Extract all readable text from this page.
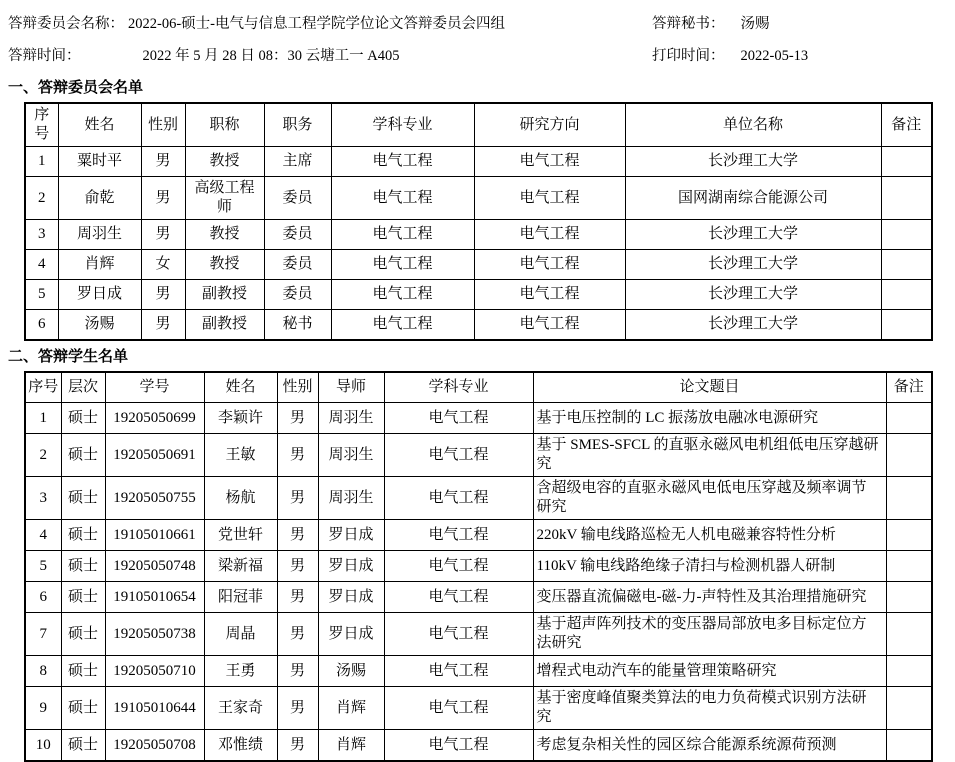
答辩委员会名称： 2022-06-硕士-电气与信息工程学院学位论文答辩委员会四组	答辩秘书： 汤赐
答辩时间：	2022 年 5 月 28 日 08：30 云塘工一 A405	打印时间： 2022-05-13
一、答辩委员会名单
序号	姓名	性别	职称	职务	学科专业	研究方向	单位名称	备注
1	粟时平	男	教授	主席	电气工程	电气工程	长沙理工大学	
2	俞乾	男	高级工程师	委员	电气工程	电气工程	国网湖南综合能源公司	
3	周羽生	男	教授	委员	电气工程	电气工程	长沙理工大学	
4	肖辉	女	教授	委员	电气工程	电气工程	长沙理工大学	
5	罗日成	男	副教授	委员	电气工程	电气工程	长沙理工大学	
6	汤赐	男	副教授	秘书	电气工程	电气工程	长沙理工大学	
二、答辩学生名单
序号	层次	学号	姓名	性别	导师	学科专业	论文题目	备注
1	硕士	19205050699	李颖许	男	周羽生	电气工程	基于电压控制的 LC 振荡放电融冰电源研究	
2	硕士	19205050691	王敏	男	周羽生	电气工程	基于 SMES-SFCL 的直驱永磁风电机组低电压穿越研究	
3	硕士	19205050755	杨航	男	周羽生	电气工程	含超级电容的直驱永磁风电低电压穿越及频率调节研究	
4	硕士	19105010661	党世轩	男	罗日成	电气工程	220kV 输电线路巡检无人机电磁兼容特性分析	
5	硕士	19205050748	梁新福	男	罗日成	电气工程	110kV 输电线路绝缘子清扫与检测机器人研制	
6	硕士	19105010654	阳冠菲	男	罗日成	电气工程	变压器直流偏磁电-磁-力-声特性及其治理措施研究	
7	硕士	19205050738	周晶	男	罗日成	电气工程	基于超声阵列技术的变压器局部放电多目标定位方法研究	
8	硕士	19205050710	王勇	男	汤赐	电气工程	增程式电动汽车的能量管理策略研究	
9	硕士	19105010644	王家奇	男	肖辉	电气工程	基于密度峰值聚类算法的电力负荷模式识别方法研究	
10	硕士	19205050708	邓惟绩	男	肖辉	电气工程	考虑复杂相关性的园区综合能源系统源荷预测	
